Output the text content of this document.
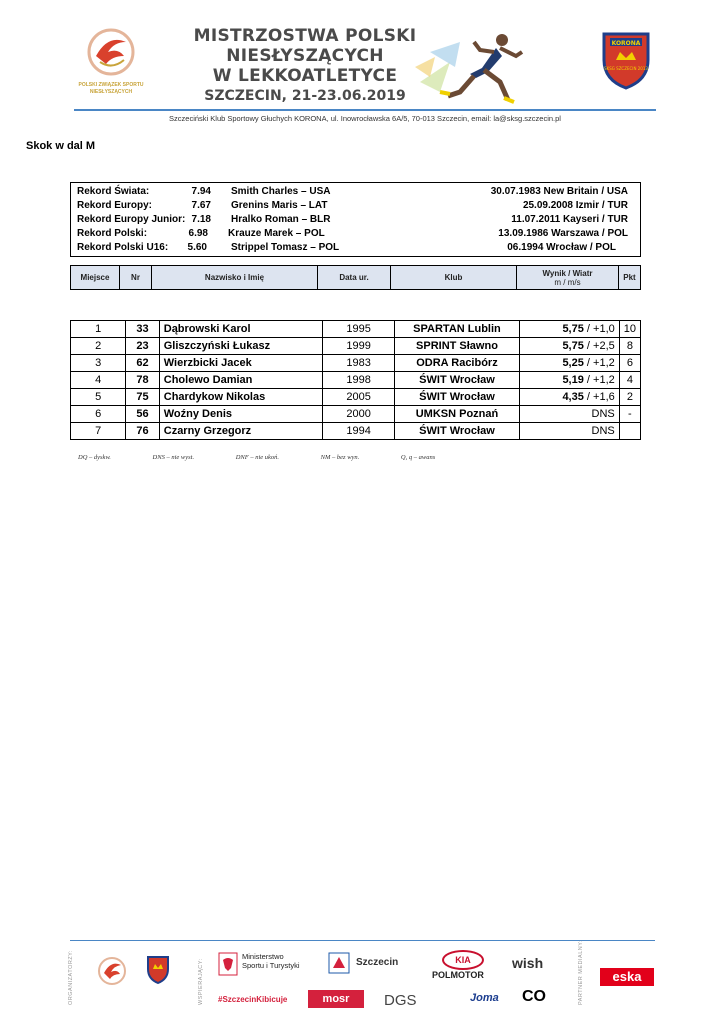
POLSKI ZWIĄZEK SPORTU NIESŁYSZĄCYCH
MISTRZOSTWA POLSKI
NIESŁYSZĄCYCH
W LEKKOATLETYCE
SZCZECIN, 21-23.06.2019
KORONA
SKSG SZCZECIN 2013
Szczeciński Klub Sportowy Głuchych KORONA, ul. Inowrocławska 6A/5, 70-013 Szczecin, email: la@sksg.szczecin.pl
Skok w dal M
Rekord Świata:	7.94 Smith Charles – USA	30.07.1983 New Britain / USA
Rekord Europy:	7.67 Grenins Maris – LAT	25.09.2008 Izmir / TUR
Rekord Europy Junior: 7.18 Hralko Roman – BLR	11.07.2011 Kayseri / TUR
Rekord Polski:	6.98 Krauze Marek – POL	13.09.1986 Warszawa / POL
Rekord Polski U16:	5.60 Strippel Tomasz – POL	06.1994 Wrocław / POL
Miejsce	Nr	Nazwisko i Imię	Data ur.	Klub	Wynik / Wiatr
m / m/s	Pkt
1	33	Dąbrowski Karol	1995	SPARTAN Lublin	5,75 / +1,0	10
2	23	Gliszczyński Łukasz	1999	SPRINT Sławno	5,75 / +2,5	8
3	62	Wierzbicki Jacek	1983	ODRA Racibórz	5,25 / +1,2	6
4	78	Cholewo Damian	1998	ŚWIT Wrocław	5,19 / +1,2	4
5	75	Chardykow Nikolas	2005	ŚWIT Wrocław	4,35 / +1,6	2
6	56	Woźny Denis	2000	UMKSN Poznań	DNS	-
7	76	Czarny Grzegorz	1994	ŚWIT Wrocław	DNS	
DQ – dyskw.	DNS – nie wyst.	DNF – nie ukoń.	NM – bez wyn.	Q, q – awans
ORGANIZATORZY:	WSPIERAJĄCY:	PARTNER MEDIALNY:
Ministerstwo
Sportu i Turystyki
#SzczecinKibicuje
Szczecin
mosr
KIA
POLMOTOR
wish
DGS	Joma CO
eska
